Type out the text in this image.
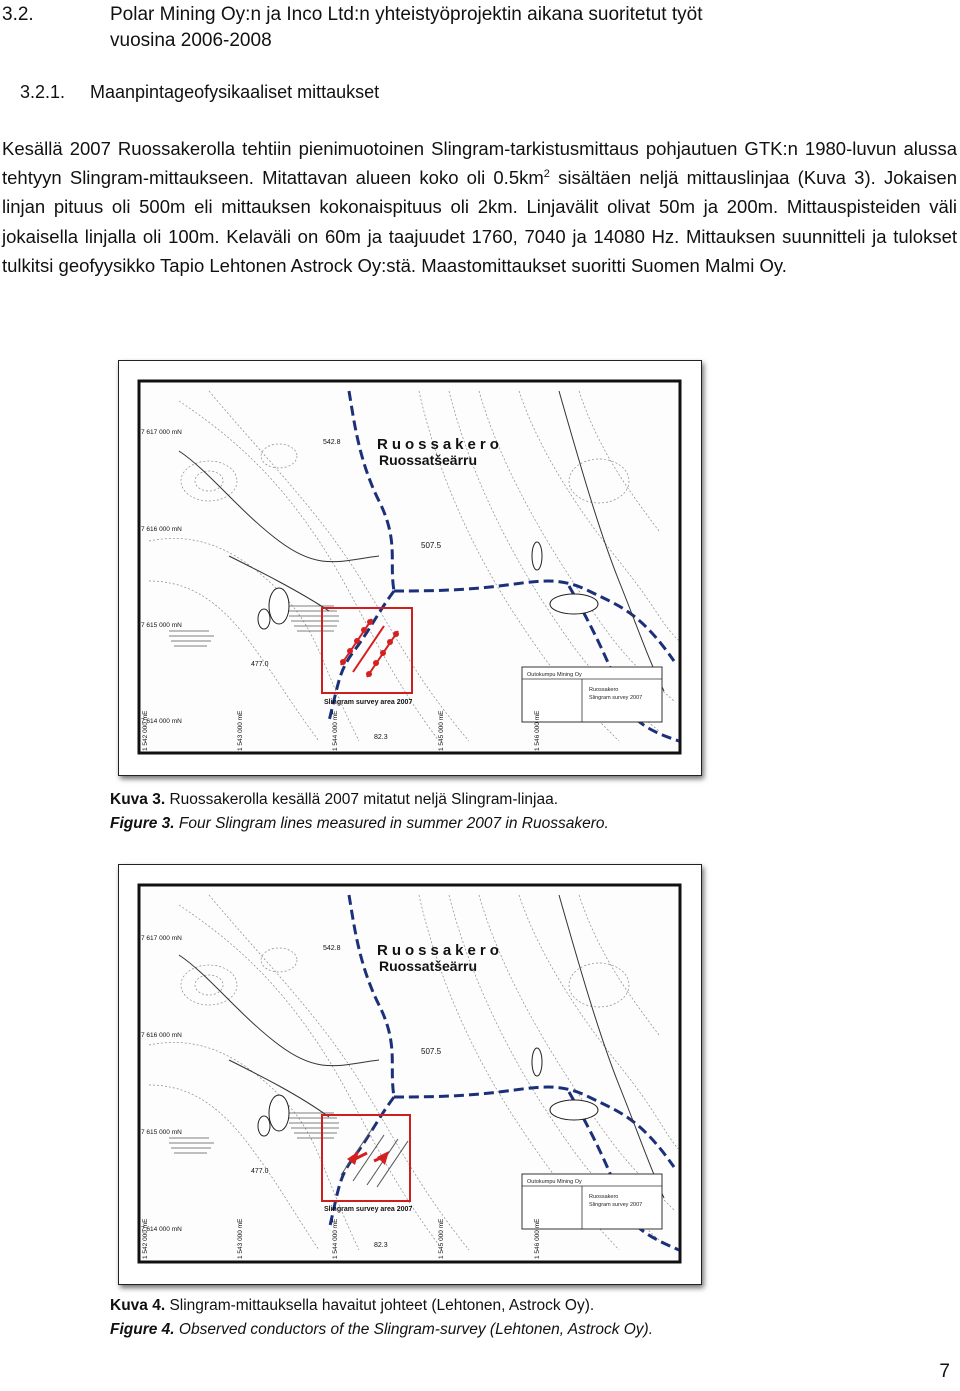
3.2.	Polar Mining Oy:n ja Inco Ltd:n yhteistyöprojektin aikana suoritetut työt
vuosina 2006-2008
3.2.1. Maanpintageofysikaaliset mittaukset
Kesällä 2007 Ruossakerolla tehtiin pienimuotoinen Slingram-tarkistusmittaus pohjautuen GTK:n 1980-luvun alussa tehtyyn Slingram-mittaukseen. Mitattavan alueen koko oli $0.5km^2$ sisältäen neljä mittauslinjaa (Kuva 3). Jokaisen linjan pituus oli 500m eli mittauksen kokonaispituus oli 2km. Linjavälit olivat 50m ja 200m. Mittauspisteiden väli jokaisella linjalla oli 100m. Kelaväli on 60m ja taajuudet 1760, 7040 ja 14080 Hz. Mittauksen suunnitteli ja tulokset tulkitsi geofyysikko Tapio Lehtonen Astrock Oy:stä. Maastomittaukset suoritti Suomen Malmi Oy.
Outokumpu Mining Oy
Ruossakero
Slingram survey 2007
Ruossakero
Ruossatšeärru
Slingram survey area 2007
7 617 000 mN
7 616 000 mN
7 615 000 mN
7 614 000 mN
1 542 000 mE	1 543 000 mE	1 544 000 mE	1 545 000 mE	1 546 000 mE
542.8
507.5
477.0
82.3
Kuva 3. Ruossakerolla kesällä 2007 mitatut neljä Slingram-linjaa.
Figure 3. Four Slingram lines measured in summer 2007 in Ruossakero.
Outokumpu Mining Oy
Ruossakero
Slingram survey 2007
Ruossakero
Ruossatšeärru
Slingram survey area 2007
7 617 000 mN
7 616 000 mN
7 615 000 mN
7 614 000 mN
1 542 000 mE	1 543 000 mE	1 544 000 mE	1 545 000 mE	1 546 000 mE
542.8
507.5
477.0
82.3
Kuva 4. Slingram-mittauksella havaitut johteet (Lehtonen, Astrock Oy).
Figure 4. Observed conductors of the Slingram-survey (Lehtonen, Astrock Oy).
7
